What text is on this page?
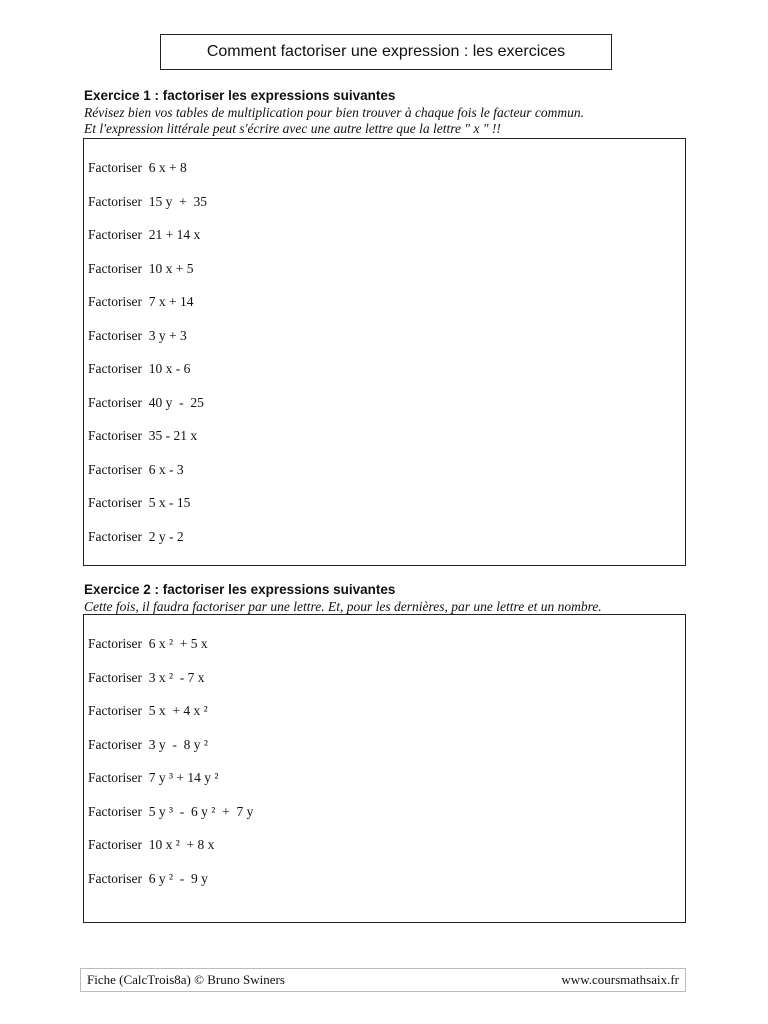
Comment factoriser une expression : les exercices
Exercice 1 : factoriser les expressions suivantes
Révisez bien vos tables de multiplication pour bien trouver à chaque fois le facteur commun.
Et l'expression littérale peut s'écrire avec une autre lettre que la lettre " x " !!
Factoriser 6 x + 8
Factoriser 15 y  +  35
Factoriser 21 + 14 x
Factoriser 10 x + 5
Factoriser 7 x + 14
Factoriser 3 y + 3
Factoriser 10 x - 6
Factoriser 40 y  -  25
Factoriser 35 - 21 x
Factoriser 6 x - 3
Factoriser 5 x - 15
Factoriser 2 y - 2
Exercice 2 : factoriser les expressions suivantes
Cette fois, il faudra factoriser par une lettre. Et, pour les dernières, par une lettre et un nombre.
Factoriser 6 x ²  + 5 x
Factoriser 3 x ²  - 7 x
Factoriser 5 x  + 4 x ²
Factoriser 3 y  -  8 y ²
Factoriser 7 y ³ + 14 y ²
Factoriser 5 y ³  -  6 y ²  +  7 y
Factoriser 10 x ²  + 8 x
Factoriser 6 y ²  -  9 y
Fiche (CalcTrois8a) © Bruno Swiners	www.coursmathsaix.fr
